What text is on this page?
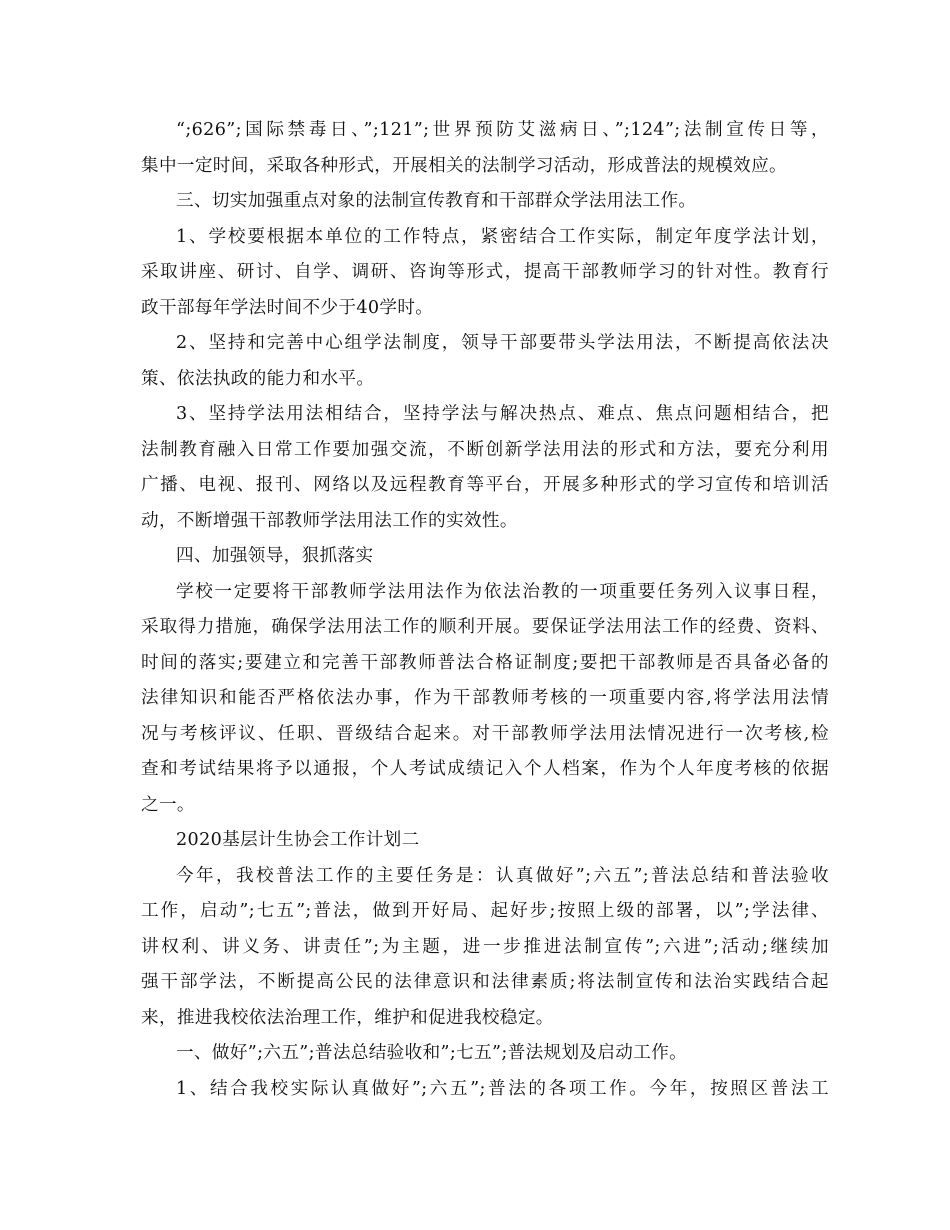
“;626”;国际禁毒日、”;121”;世界预防艾滋病日、”;124”;法制宣传日等，
集中一定时间，采取各种形式，开展相关的法制学习活动，形成普法的规模效应。
三、切实加强重点对象的法制宣传教育和干部群众学法用法工作。
1、学校要根据本单位的工作特点，紧密结合工作实际，制定年度学法计划，
采取讲座、研讨、自学、调研、咨询等形式，提高干部教师学习的针对性。教育行
政干部每年学法时间不少于40学时。
2、坚持和完善中心组学法制度，领导干部要带头学法用法，不断提高依法决
策、依法执政的能力和水平。
3、坚持学法用法相结合，坚持学法与解决热点、难点、焦点问题相结合，把
法制教育融入日常工作要加强交流，不断创新学法用法的形式和方法，要充分利用
广播、电视、报刊、网络以及远程教育等平台，开展多种形式的学习宣传和培训活
动，不断增强干部教师学法用法工作的实效性。
四、加强领导，狠抓落实
学校一定要将干部教师学法用法作为依法治教的一项重要任务列入议事日程，
采取得力措施，确保学法用法工作的顺利开展。要保证学法用法工作的经费、资料、
时间的落实;要建立和完善干部教师普法合格证制度;要把干部教师是否具备必备的
法律知识和能否严格依法办事，作为干部教师考核的一项重要内容,将学法用法情
况与考核评议、任职、晋级结合起来。对干部教师学法用法情况进行一次考核,检
查和考试结果将予以通报，个人考试成绩记入个人档案，作为个人年度考核的依据
之一。
2020基层计生协会工作计划二
今年，我校普法工作的主要任务是：认真做好”;六五”;普法总结和普法验收
工作，启动”;七五”;普法，做到开好局、起好步;按照上级的部署，以”;学法律、
讲权利、讲义务、讲责任”;为主题，进一步推进法制宣传”;六进”;活动;继续加
强干部学法，不断提高公民的法律意识和法律素质;将法制宣传和法治实践结合起
来，推进我校依法治理工作，维护和促进我校稳定。
一、做好”;六五”;普法总结验收和”;七五”;普法规划及启动工作。
1、结合我校实际认真做好”;六五”;普法的各项工作。今年，按照区普法工
